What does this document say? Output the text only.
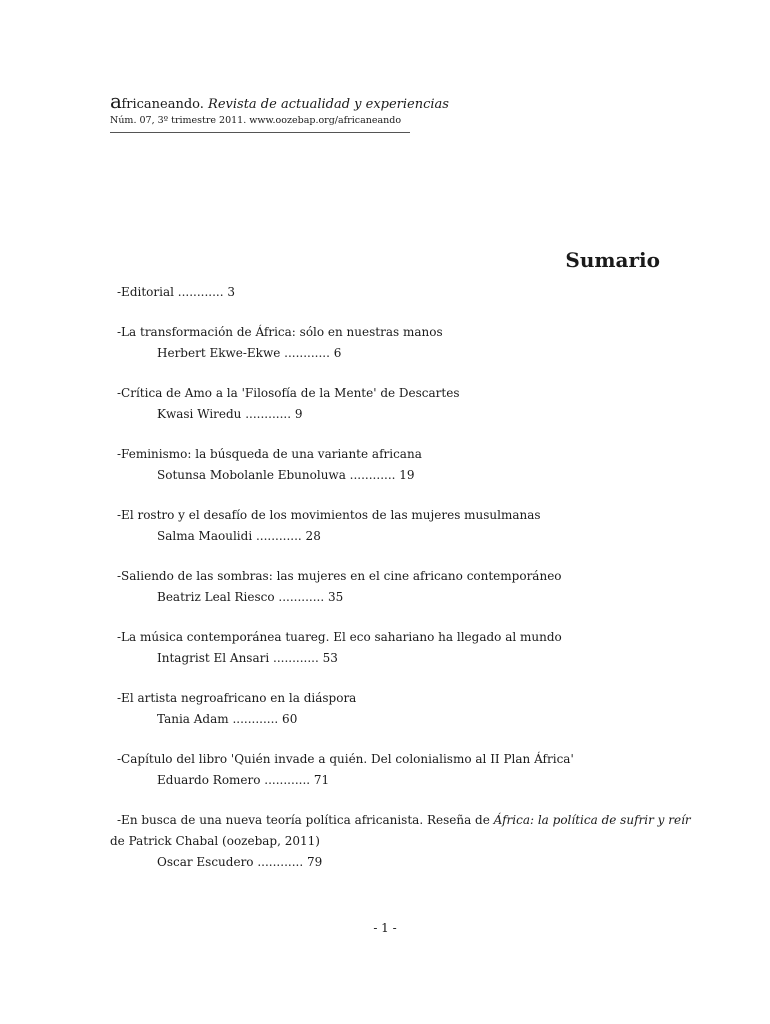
africaneando. Revista de actualidad y experiencias
Núm. 07, 3º trimestre 2011. www.oozebap.org/africaneando
Sumario
-Editorial ............ 3
-La transformación de África: sólo en nuestras manos
Herbert Ekwe-Ekwe ............ 6
-Crítica de Amo a la 'Filosofía de la Mente' de Descartes
Kwasi Wiredu ............ 9
-Feminismo: la búsqueda de una variante africana
Sotunsa Mobolanle Ebunoluwa ............ 19
-El rostro y el desafío de los movimientos de las mujeres musulmanas
Salma Maoulidi ............ 28
-Saliendo de las sombras: las mujeres en el cine africano contemporáneo
Beatriz Leal Riesco ............ 35
-La música contemporánea tuareg. El eco sahariano ha llegado al mundo
Intagrist El Ansari ............ 53
-El artista negroafricano en la diáspora
Tania Adam ............ 60
-Capítulo del libro 'Quién invade a quién. Del colonialismo al II Plan África'
Eduardo Romero ............ 71
-En busca de una nueva teoría política africanista. Reseña de África: la política de sufrir y reír
de Patrick Chabal (oozebap, 2011)
Oscar Escudero ............ 79
- 1 -
